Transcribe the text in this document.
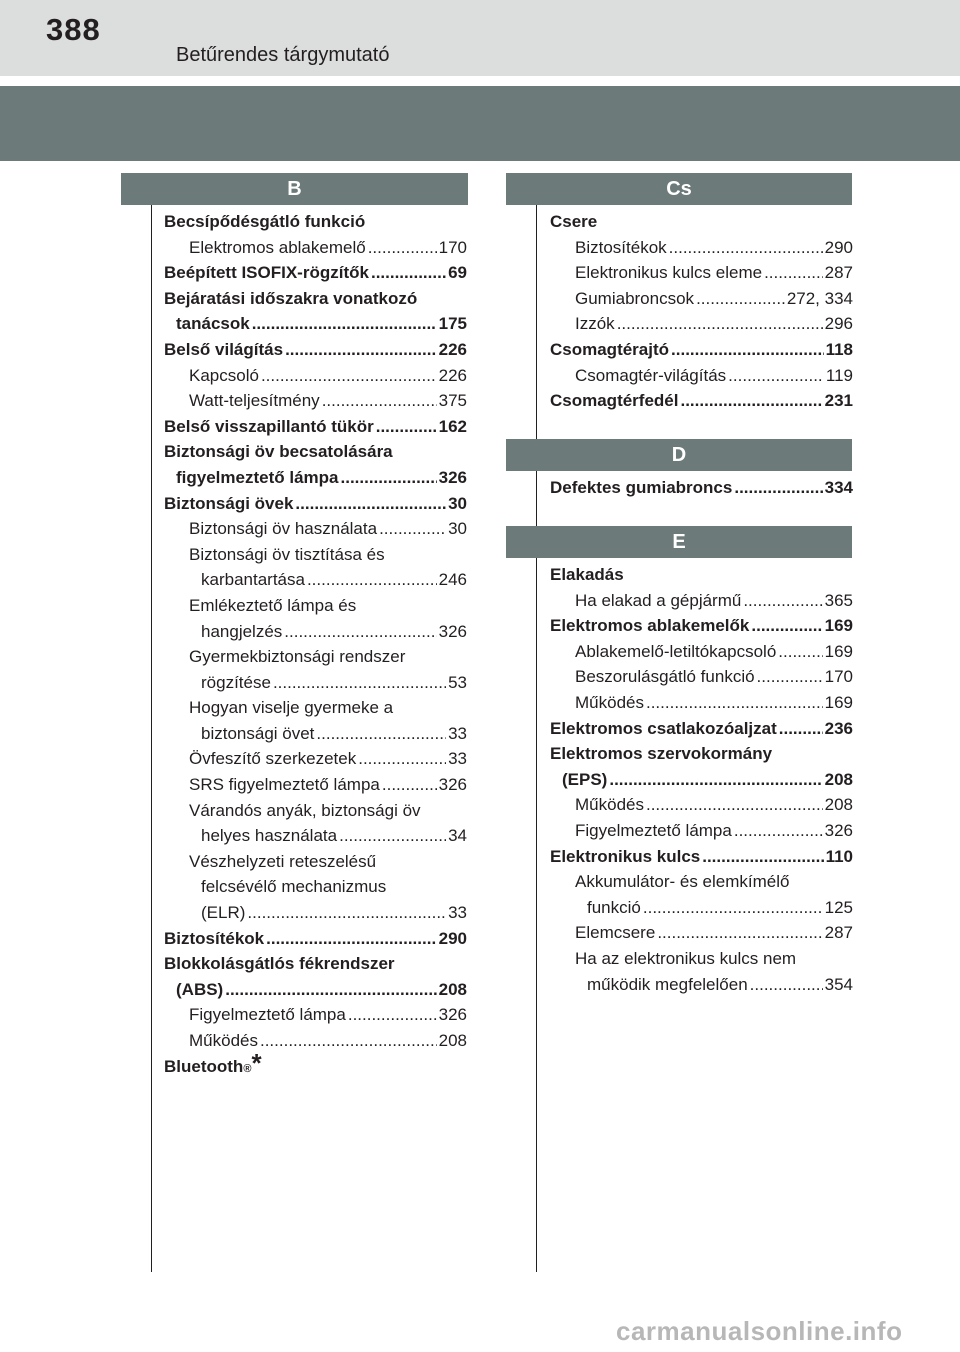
388
Betűrendes tárgymutató
B
Becsípődésgátló funkció
Elektromos ablakemelő .....	170
Beépített ISOFIX-rögzítők .....	69
Bejáratási időszakra vonatkozó
tanácsok .....	175
Belső világítás .....	226
Kapcsoló .....	226
Watt-teljesítmény .....	375
Belső visszapillantó tükör .....	162
Biztonsági öv becsatolására
figyelmeztető lámpa .....	326
Biztonsági övek .....	30
Biztonsági öv használata .....	30
Biztonsági öv tisztítása és
karbantartása .....	246
Emlékeztető lámpa és
hangjelzés .....	326
Gyermekbiztonsági rendszer
rögzítése .....	53
Hogyan viselje gyermeke a
biztonsági övet .....	33
Övfeszítő szerkezetek .....	33
SRS figyelmeztető lámpa .....	326
Várandós anyák, biztonsági öv
helyes használata .....	34
Vészhelyzeti reteszelésű
felcsévélő mechanizmus
(ELR) .....	33
Biztosítékok .....	290
Blokkolásgátlós fékrendszer
(ABS) .....	208
Figyelmeztető lámpa .....	326
Működés .....	208
Bluetooth ® *
Cs
Csere
Biztosítékok .....	290
Elektronikus kulcs eleme .....	287
Gumiabroncsok .....	272, 334
Izzók .....	296
Csomagtérajtó .....	118
Csomagtér-világítás .....	119
Csomagtérfedél .....	231
D
Defektes gumiabroncs .....	334
E
Elakadás
Ha elakad a gépjármű .....	365
Elektromos ablakemelők .....	169
Ablakemelő-letiltókapcsoló .....	169
Beszorulásgátló funkció .....	170
Működés .....	169
Elektromos csatlakozóaljzat .....	236
Elektromos szervokormány
(EPS) .....	208
Működés .....	208
Figyelmeztető lámpa .....	326
Elektronikus kulcs .....	110
Akkumulátor- és elemkímélő
funkció .....	125
Elemcsere .....	287
Ha az elektronikus kulcs nem
működik megfelelően .....	354
carmanualsonline.info
